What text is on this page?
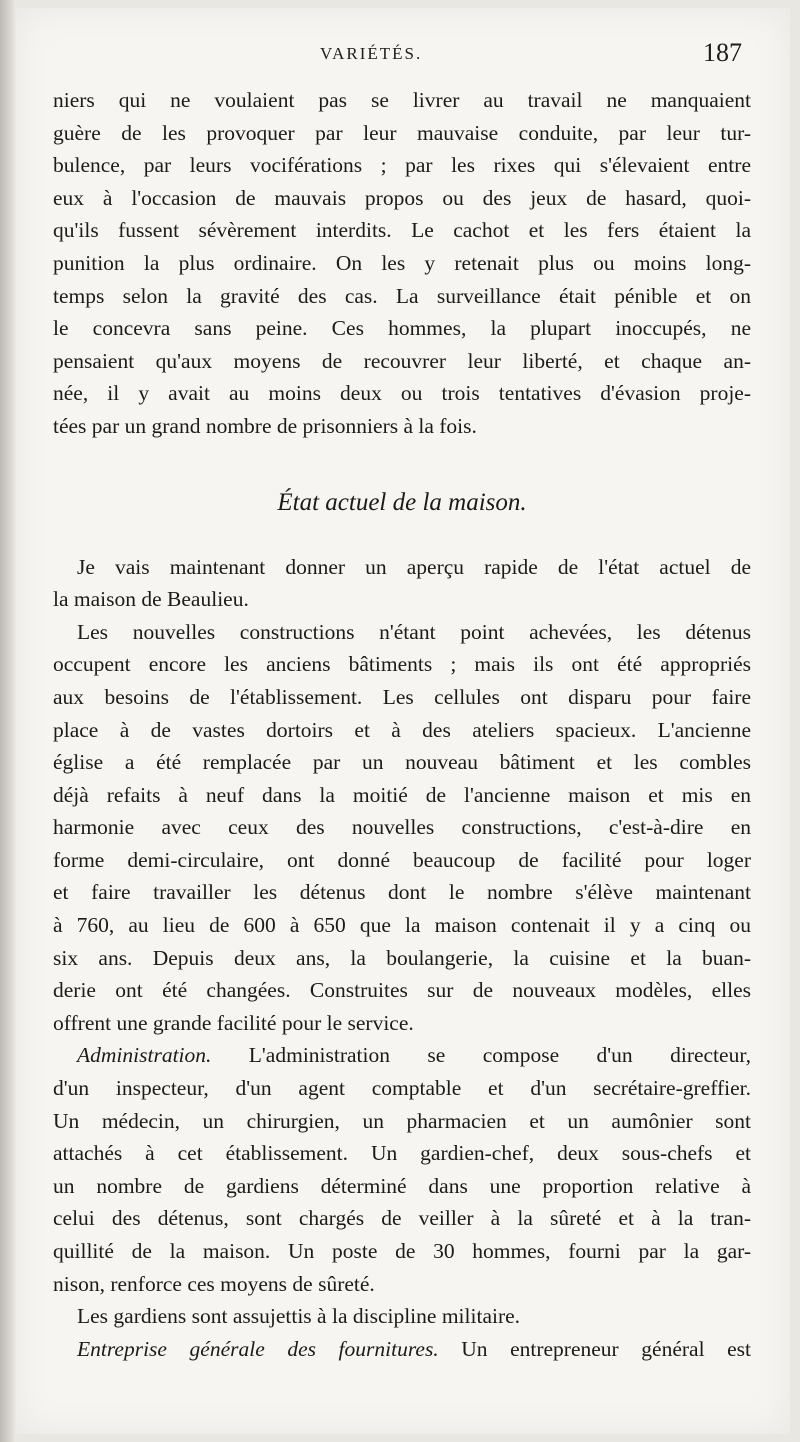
VARIÉTÉS.	187
niers qui ne voulaient pas se livrer au travail ne manquaient
guère de les provoquer par leur mauvaise conduite, par leur tur-
bulence, par leurs vociférations ; par les rixes qui s'élevaient entre
eux à l'occasion de mauvais propos ou des jeux de hasard, quoi-
qu'ils fussent sévèrement interdits. Le cachot et les fers étaient la
punition la plus ordinaire. On les y retenait plus ou moins long-
temps selon la gravité des cas. La surveillance était pénible et on
le concevra sans peine. Ces hommes, la plupart inoccupés, ne
pensaient qu'aux moyens de recouvrer leur liberté, et chaque an-
née, il y avait au moins deux ou trois tentatives d'évasion proje-
tées par un grand nombre de prisonniers à la fois.
État actuel de la maison.
Je vais maintenant donner un aperçu rapide de l'état actuel de
la maison de Beaulieu.
Les nouvelles constructions n'étant point achevées, les détenus
occupent encore les anciens bâtiments ; mais ils ont été appropriés
aux besoins de l'établissement. Les cellules ont disparu pour faire
place à de vastes dortoirs et à des ateliers spacieux. L'ancienne
église a été remplacée par un nouveau bâtiment et les combles
déjà refaits à neuf dans la moitié de l'ancienne maison et mis en
harmonie avec ceux des nouvelles constructions, c'est-à-dire en
forme demi-circulaire, ont donné beaucoup de facilité pour loger
et faire travailler les détenus dont le nombre s'élève maintenant
à 760, au lieu de 600 à 650 que la maison contenait il y a cinq ou
six ans. Depuis deux ans, la boulangerie, la cuisine et la buan-
derie ont été changées. Construites sur de nouveaux modèles, elles
offrent une grande facilité pour le service.
Administration. L'administration se compose d'un directeur,
d'un inspecteur, d'un agent comptable et d'un secrétaire-greffier.
Un médecin, un chirurgien, un pharmacien et un aumônier sont
attachés à cet établissement. Un gardien-chef, deux sous-chefs et
un nombre de gardiens déterminé dans une proportion relative à
celui des détenus, sont chargés de veiller à la sûreté et à la tran-
quillité de la maison. Un poste de 30 hommes, fourni par la gar-
nison, renforce ces moyens de sûreté.
Les gardiens sont assujettis à la discipline militaire.
Entreprise générale des fournitures. Un entrepreneur général est
